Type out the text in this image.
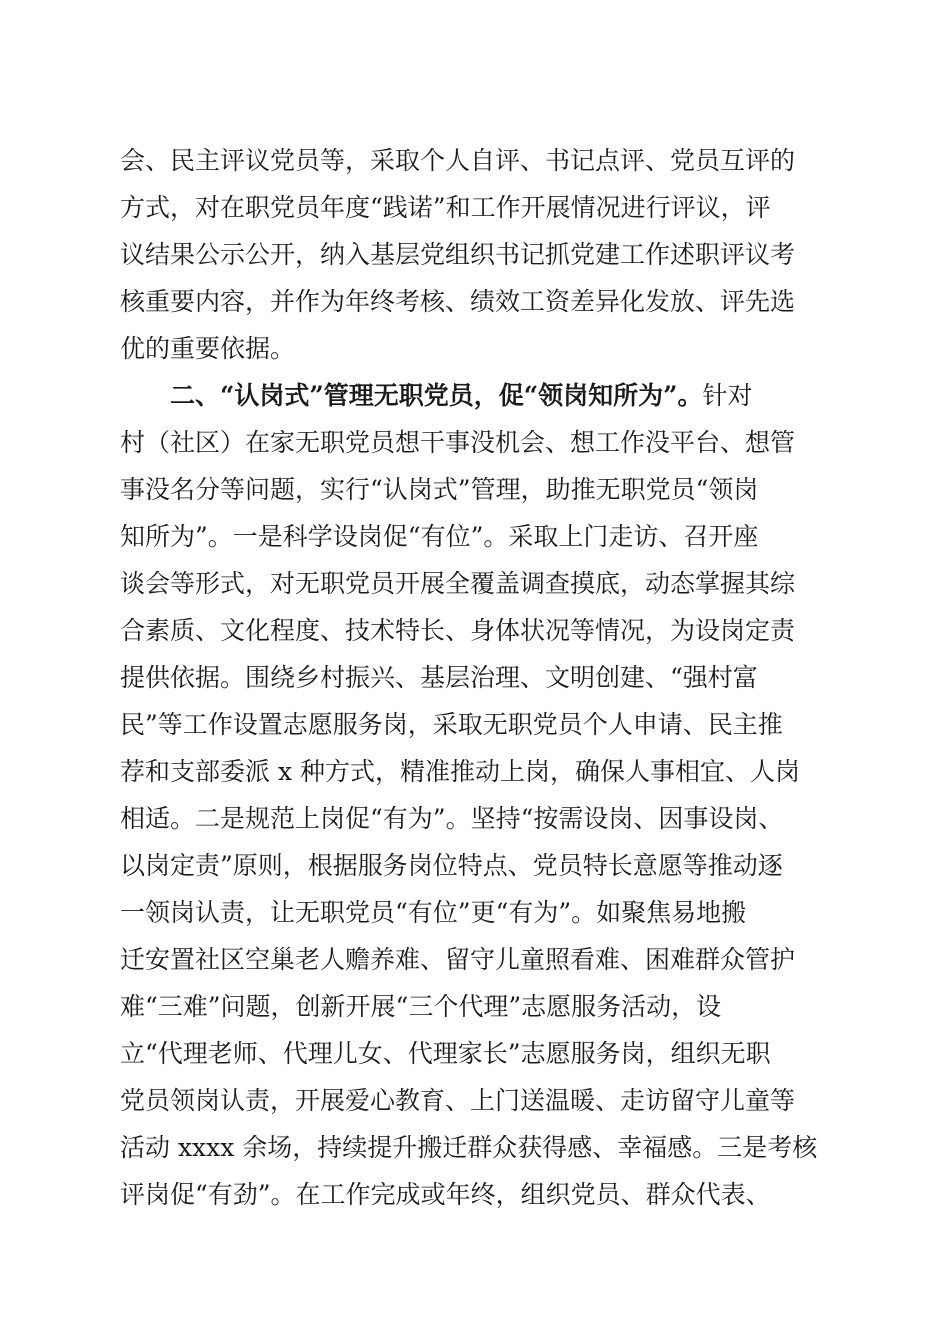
会、民主评议党员等，采取个人自评、书记点评、党员互评的
方式，对在职党员年度“践诺”和工作开展情况进行评议，评
议结果公示公开，纳入基层党组织书记抓党建工作述职评议考
核重要内容，并作为年终考核、绩效工资差异化发放、评先选
优的重要依据。
二、“认岗式”管理无职党员，促“领岗知所为”。针对
村（社区）在家无职党员想干事没机会、想工作没平台、想管
事没名分等问题，实行“认岗式”管理，助推无职党员“领岗
知所为”。一是科学设岗促“有位”。采取上门走访、召开座
谈会等形式，对无职党员开展全覆盖调查摸底，动态掌握其综
合素质、文化程度、技术特长、身体状况等情况，为设岗定责
提供依据。围绕乡村振兴、基层治理、文明创建、“强村富
民”等工作设置志愿服务岗，采取无职党员个人申请、民主推
荐和支部委派 x 种方式，精准推动上岗，确保人事相宜、人岗
相适。二是规范上岗促“有为”。坚持“按需设岗、因事设岗、
以岗定责”原则，根据服务岗位特点、党员特长意愿等推动逐
一领岗认责，让无职党员“有位”更“有为”。如聚焦易地搬
迁安置社区空巢老人赡养难、留守儿童照看难、困难群众管护
难“三难”问题，创新开展“三个代理”志愿服务活动，设
立“代理老师、代理儿女、代理家长”志愿服务岗，组织无职
党员领岗认责，开展爱心教育、上门送温暖、走访留守儿童等
活动 xxxx 余场，持续提升搬迁群众获得感、幸福感。三是考核
评岗促“有劲”。在工作完成或年终，组织党员、群众代表、
